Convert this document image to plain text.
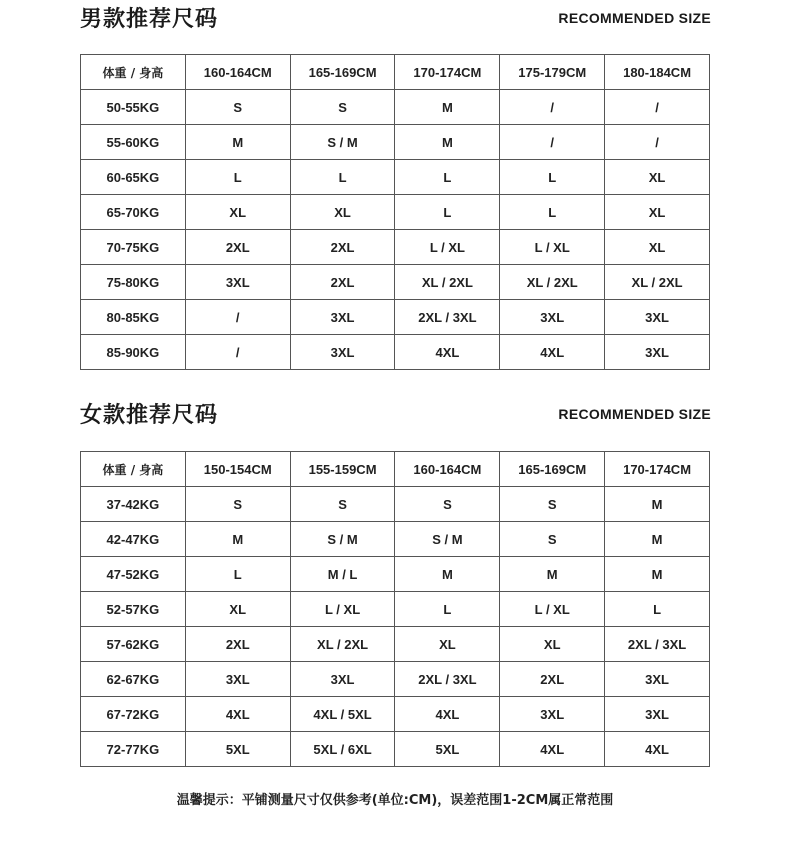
男款推荐尺码	RECOMMENDED SIZE
体重 / 身高	160-164CM	165-169CM	170-174CM	175-179CM	180-184CM
50-55KG	S	S	M	/	/
55-60KG	M	S / M	M	/	/
60-65KG	L	L	L	L	XL
65-70KG	XL	XL	L	L	XL
70-75KG	2XL	2XL	L / XL	L / XL	XL
75-80KG	3XL	2XL	XL / 2XL	XL / 2XL	XL / 2XL
80-85KG	/	3XL	2XL / 3XL	3XL	3XL
85-90KG	/	3XL	4XL	4XL	3XL
女款推荐尺码	RECOMMENDED SIZE
体重 / 身高	150-154CM	155-159CM	160-164CM	165-169CM	170-174CM
37-42KG	S	S	S	S	M
42-47KG	M	S / M	S / M	S	M
47-52KG	L	M / L	M	M	M
52-57KG	XL	L / XL	L	L / XL	L
57-62KG	2XL	XL / 2XL	XL	XL	2XL / 3XL
62-67KG	3XL	3XL	2XL / 3XL	2XL	3XL
67-72KG	4XL	4XL / 5XL	4XL	3XL	3XL
72-77KG	5XL	5XL / 6XL	5XL	4XL	4XL
温馨提示：平铺测量尺寸仅供参考(单位:CM)，误差范围1-2CM属正常范围
